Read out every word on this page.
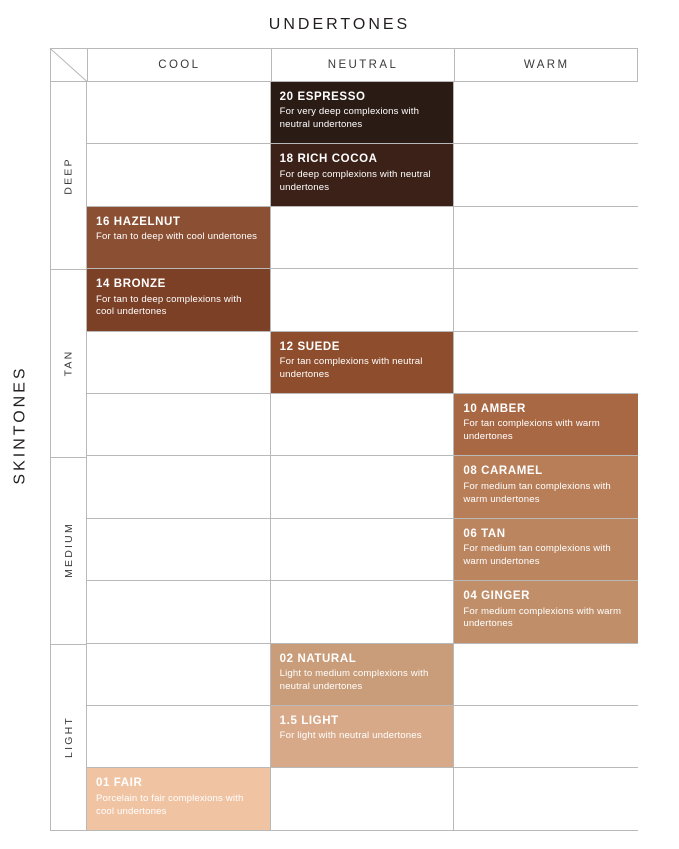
UNDERTONES
SKINTONES
COOL	NEUTRAL	WARM
DEEP
TAN
MEDIUM
LIGHT
20 ESPRESSO
For very deep complexions with neutral undertones
18 RICH COCOA
For deep complexions with neutral undertones
16 HAZELNUT
For tan to deep with cool undertones
14 BRONZE
For tan to deep complexions with cool undertones
12 SUEDE
For tan complexions with neutral undertones
10 AMBER
For tan complexions with warm undertones
08 CARAMEL
For medium tan complexions with warm undertones
06 TAN
For medium tan complexions with warm undertones
04 GINGER
For medium complexions with warm undertones
02 NATURAL
Light to medium complexions with neutral undertones
1.5 LIGHT
For light with neutral undertones
01 FAIR
Porcelain to fair complexions with cool undertones
